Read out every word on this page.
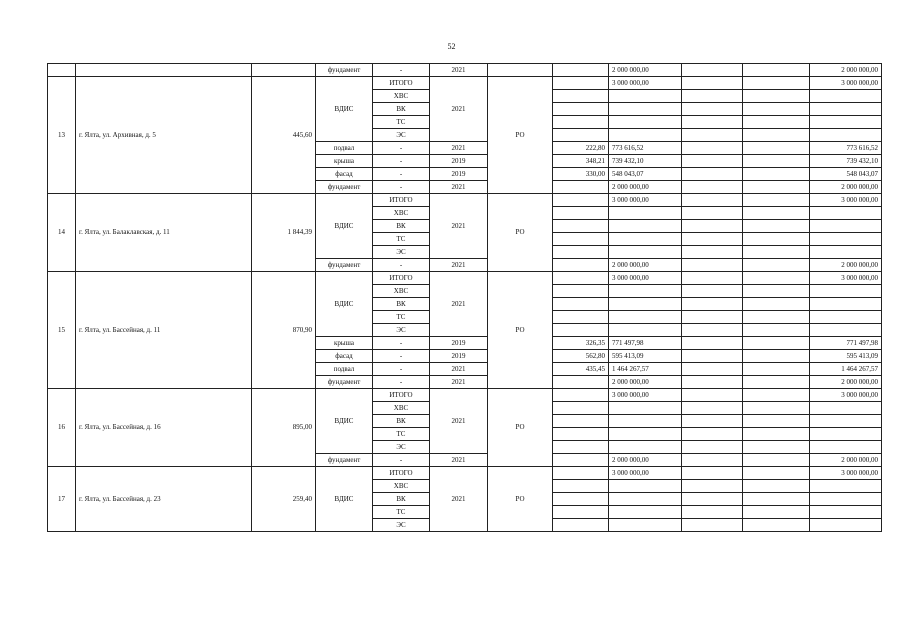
52
			фундамент	-	2021			2 000 000,00			2 000 000,00
13	г. Ялта, ул. Архивная, д. 5	445,60	ВДИС	ИТОГО	2021	РО		3 000 000,00			3 000 000,00
				ХВС							
				ВК							
				ТС							
				ЭС							
			подвал	-	2021		222,80	773 616,52			773 616,52
			крыша	-	2019		348,21	739 432,10			739 432,10
			фасад	-	2019		330,00	548 043,07			548 043,07
			фундамент	-	2021			2 000 000,00			2 000 000,00
14	г. Ялта, ул. Балаклавская, д. 11	1 844,39	ВДИС	ИТОГО	2021	РО		3 000 000,00			3 000 000,00
				ХВС							
				ВК							
				ТС							
				ЭС							
			фундамент	-	2021			2 000 000,00			2 000 000,00
15	г. Ялта, ул. Бассейная, д. 11	870,90	ВДИС	ИТОГО	2021	РО		3 000 000,00			3 000 000,00
				ХВС							
				ВК							
				ТС							
				ЭС							
			крыша	-	2019		326,35	771 497,98			771 497,98
			фасад	-	2019		562,80	595 413,09			595 413,09
			подвал	-	2021		435,45	1 464 267,57			1 464 267,57
			фундамент	-	2021			2 000 000,00			2 000 000,00
16	г. Ялта, ул. Бассейная, д. 16	895,00	ВДИС	ИТОГО	2021	РО		3 000 000,00			3 000 000,00
				ХВС							
				ВК							
				ТС							
				ЭС							
			фундамент	-	2021			2 000 000,00			2 000 000,00
17	г. Ялта, ул. Бассейная, д. 23	259,40	ВДИС	ИТОГО	2021	РО		3 000 000,00			3 000 000,00
				ХВС							
				ВК							
				ТС							
				ЭС							
